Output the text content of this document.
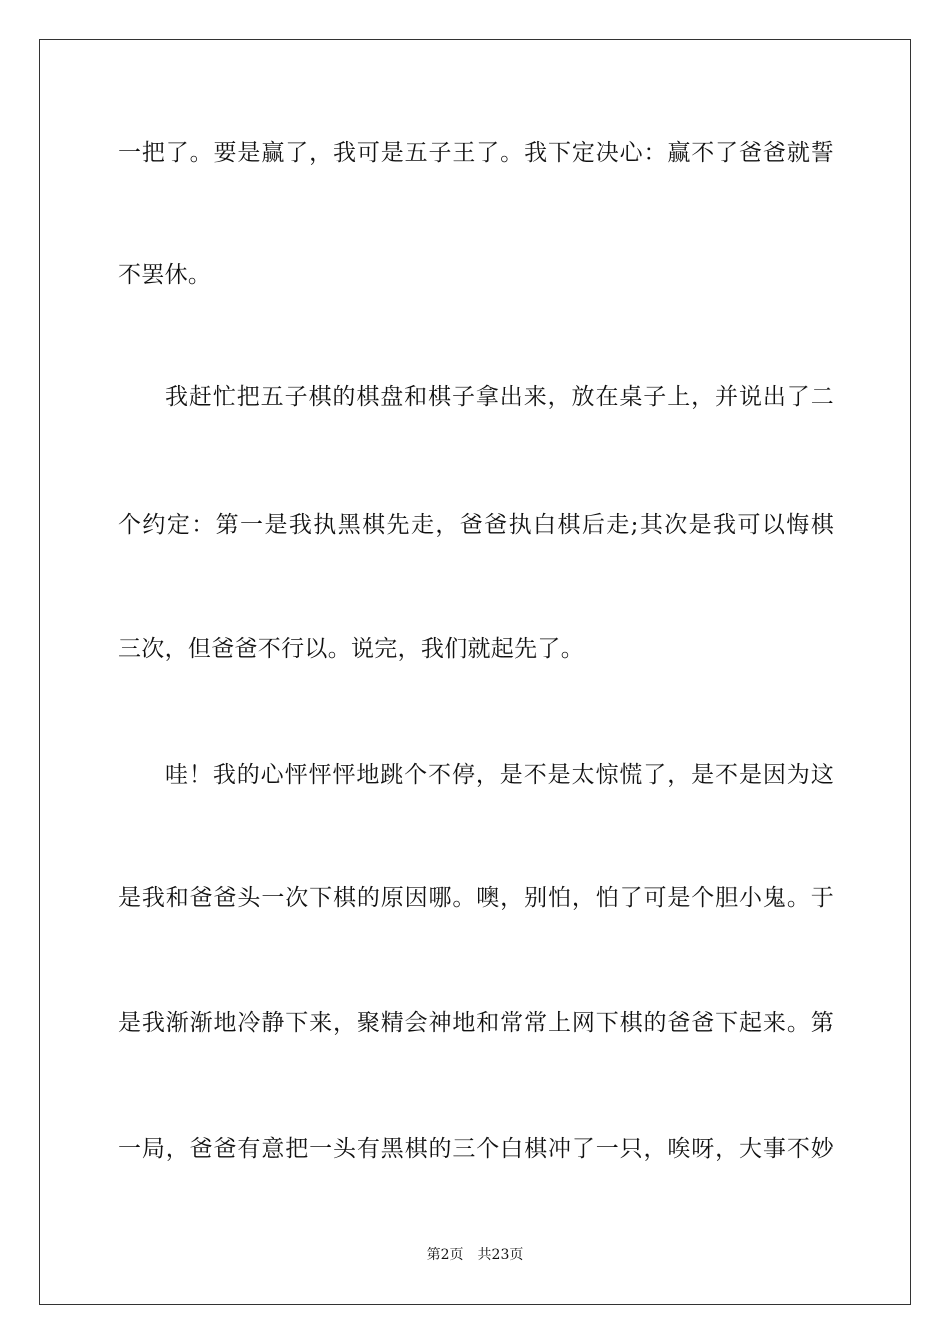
一把了。要是赢了，我可是五子王了。我下定决心：赢不了爸爸就誓
不罢休。
我赶忙把五子棋的棋盘和棋子拿出来，放在桌子上，并说出了二
个约定：第一是我执黑棋先走，爸爸执白棋后走;其次是我可以悔棋
三次，但爸爸不行以。说完，我们就起先了。
哇！我的心怦怦怦地跳个不停，是不是太惊慌了，是不是因为这
是我和爸爸头一次下棋的原因哪。噢，别怕，怕了可是个胆小鬼。于
是我渐渐地冷静下来，聚精会神地和常常上网下棋的爸爸下起来。第
一局，爸爸有意把一头有黑棋的三个白棋冲了一只，唉呀，大事不妙
第2页 共23页
